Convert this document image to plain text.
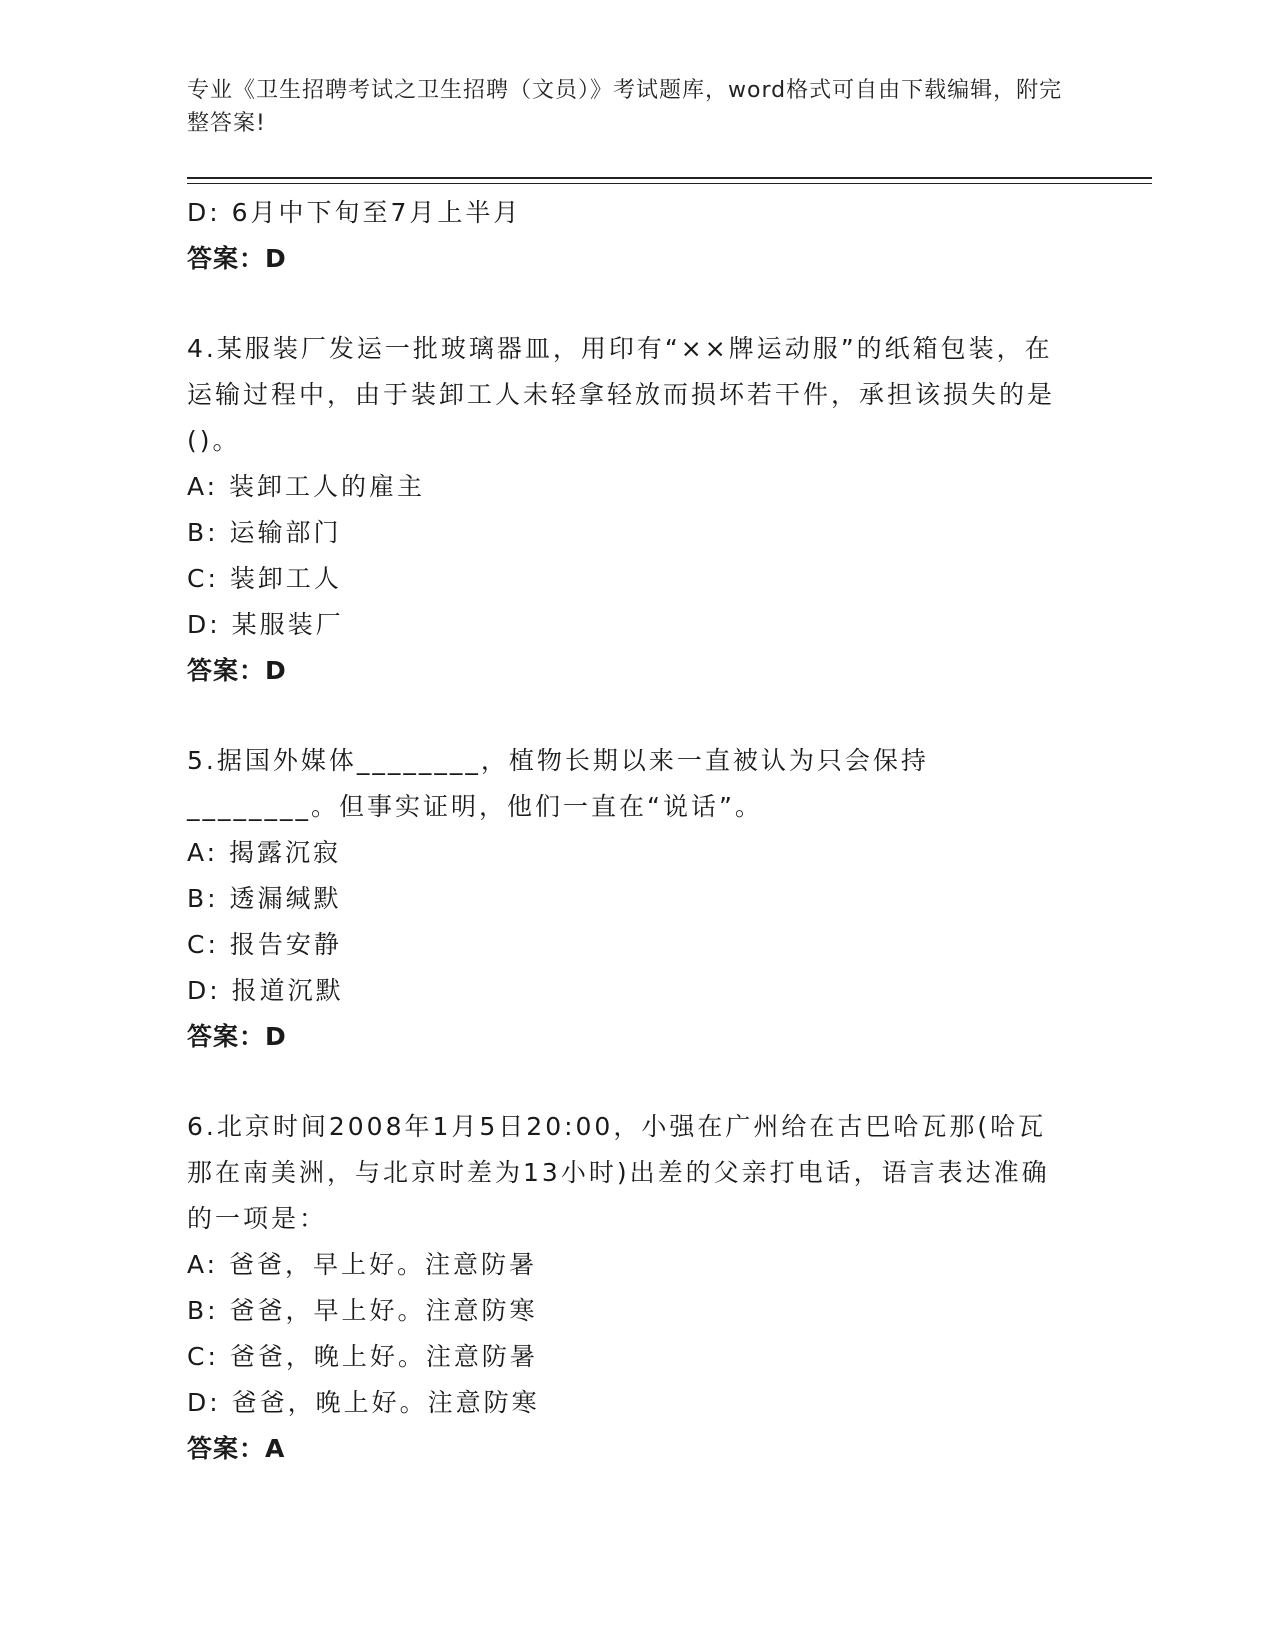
专业《卫生招聘考试之卫生招聘（文员）》考试题库，word格式可自由下载编辑，附完整答案!
D: 6月中下旬至7月上半月
答案：D
4.某服装厂发运一批玻璃器皿，用印有“××牌运动服”的纸箱包装，在运输过程中，由于装卸工人未轻拿轻放而损坏若干件，承担该损失的是()。
A: 装卸工人的雇主
B: 运输部门
C: 装卸工人
D: 某服装厂
答案：D
5.据国外媒体________，植物长期以来一直被认为只会保持________。但事实证明，他们一直在“说话”。
A: 揭露沉寂
B: 透漏缄默
C: 报告安静
D: 报道沉默
答案：D
6.北京时间2008年1月5日20:00，小强在广州给在古巴哈瓦那(哈瓦那在南美洲，与北京时差为13小时)出差的父亲打电话，语言表达准确的一项是：
A: 爸爸，早上好。注意防暑
B: 爸爸，早上好。注意防寒
C: 爸爸，晚上好。注意防暑
D: 爸爸，晚上好。注意防寒
答案：A
